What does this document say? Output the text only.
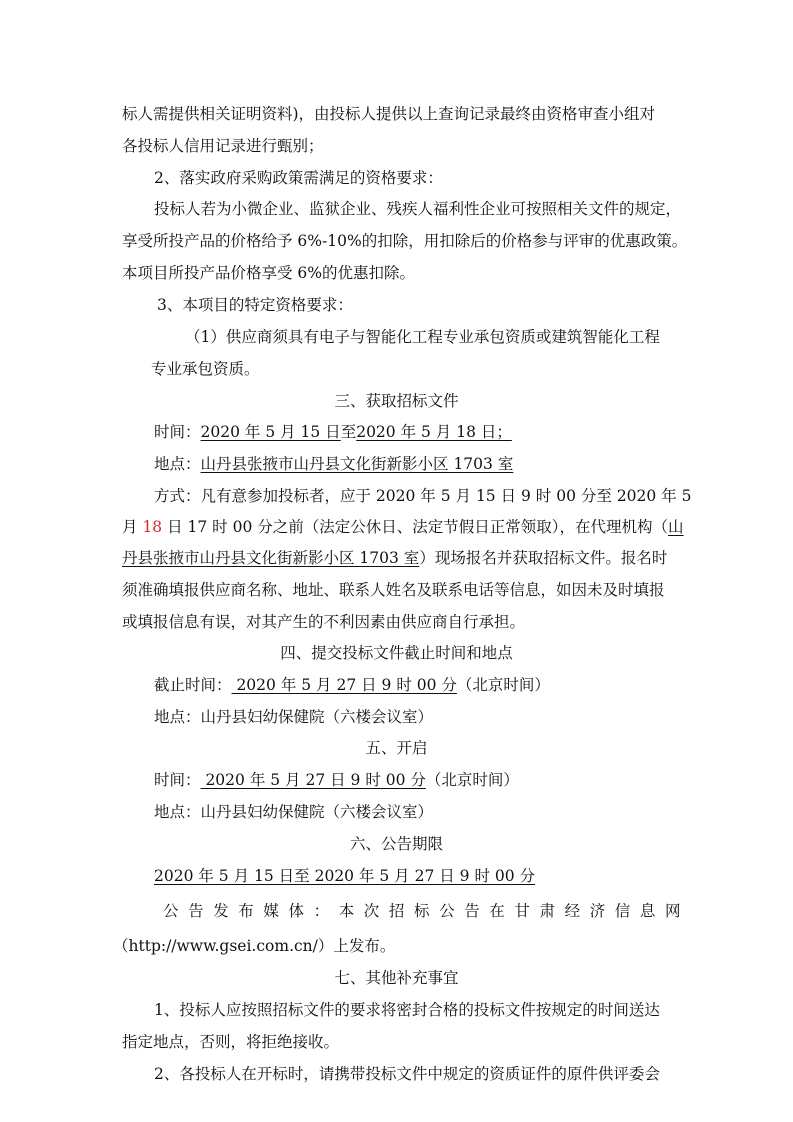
标人需提供相关证明资料)，由投标人提供以上查询记录最终由资格审查小组对
各投标人信用记录进行甄别；
2、落实政府采购政策需满足的资格要求：
投标人若为小微企业、监狱企业、残疾人福利性企业可按照相关文件的规定，
享受所投产品的价格给予 6%-10%的扣除，用扣除后的价格参与评审的优惠政策。
本项目所投产品价格享受 6%的优惠扣除。
3、本项目的特定资格要求：
（1）供应商须具有电子与智能化工程专业承包资质或建筑智能化工程
专业承包资质。
三、获取招标文件
时间：2020 年 5 月 15 日至2020 年 5 月 18 日；
地点：山丹县张掖市山丹县文化街新影小区 1703 室
方式：凡有意参加投标者，应于 2020 年 5 月 15 日 9 时 00 分至 2020 年 5
月 18 日 17 时 00 分之前（法定公休日、法定节假日正常领取），在代理机构（山
丹县张掖市山丹县文化街新影小区 1703 室）现场报名并获取招标文件。报名时
须准确填报供应商名称、地址、联系人姓名及联系电话等信息，如因未及时填报
或填报信息有误，对其产生的不利因素由供应商自行承担。
四、提交投标文件截止时间和地点
截止时间： 2020 年 5 月 27 日 9 时 00 分（北京时间）
地点：山丹县妇幼保健院（六楼会议室）
五、开启
时间： 2020 年 5 月 27 日 9 时 00 分（北京时间）
地点：山丹县妇幼保健院（六楼会议室）
六、公告期限
2020 年 5 月 15 日至 2020 年 5 月 27 日 9 时 00 分
公告发布媒体：本次招标公告在甘肃经济信息网
（http://www.gsei.com.cn/）上发布。
七、其他补充事宜
1、投标人应按照招标文件的要求将密封合格的投标文件按规定的时间送达
指定地点，否则，将拒绝接收。
2、各投标人在开标时，请携带投标文件中规定的资质证件的原件供评委会
